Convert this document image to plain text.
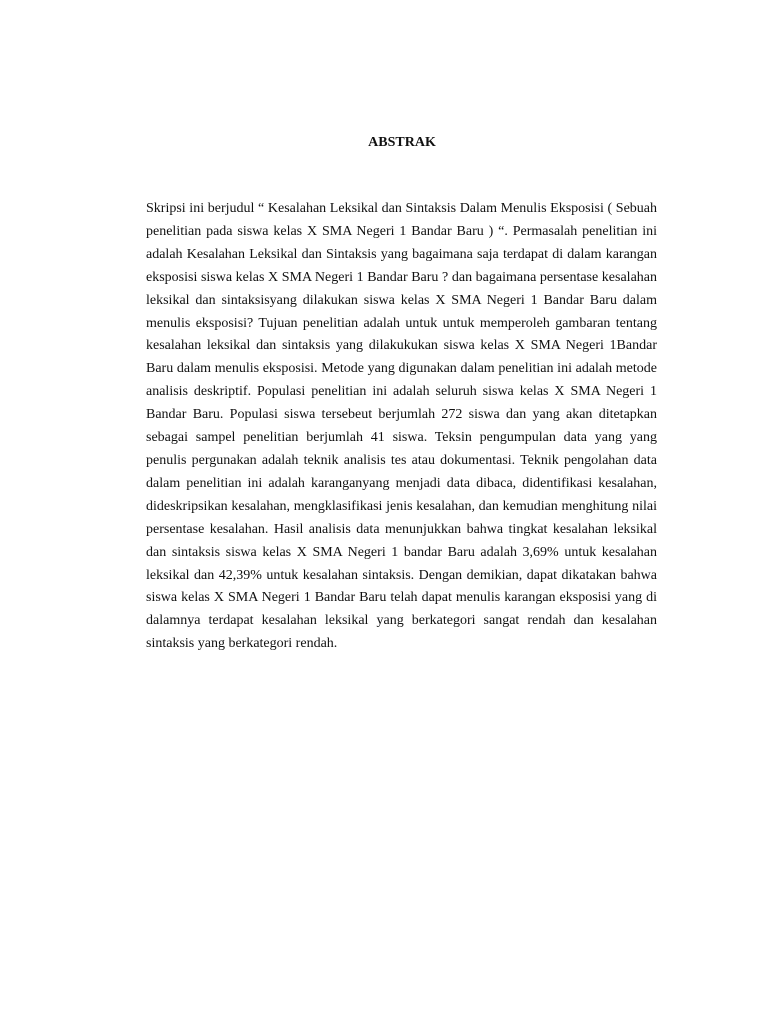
ABSTRAK

Skripsi ini berjudul “ Kesalahan Leksikal dan Sintaksis Dalam Menulis Eksposisi ( Sebuah penelitian pada siswa kelas X SMA Negeri 1 Bandar Baru ) “. Permasalah penelitian ini adalah Kesalahan Leksikal dan Sintaksis yang bagaimana saja terdapat di dalam karangan eksposisi siswa kelas X SMA Negeri 1 Bandar Baru ? dan bagaimana persentase kesalahan leksikal dan sintaksisyang dilakukan siswa kelas X SMA Negeri 1 Bandar Baru dalam menulis eksposisi? Tujuan penelitian adalah untuk untuk memperoleh gambaran tentang kesalahan leksikal dan sintaksis yang dilakukukan siswa kelas X SMA Negeri 1Bandar Baru dalam menulis eksposisi. Metode yang digunakan dalam penelitian ini adalah metode analisis deskriptif. Populasi penelitian ini adalah seluruh siswa kelas X SMA Negeri 1 Bandar Baru. Populasi siswa tersebeut berjumlah 272 siswa dan yang akan ditetapkan sebagai sampel penelitian berjumlah 41 siswa. Teksin pengumpulan data yang yang penulis pergunakan adalah teknik analisis tes atau dokumentasi. Teknik pengolahan data dalam penelitian ini adalah karanganyang menjadi data dibaca, didentifikasi kesalahan, dideskripsikan kesalahan, mengklasifikasi jenis kesalahan, dan kemudian menghitung nilai persentase kesalahan. Hasil analisis data menunjukkan bahwa tingkat kesalahan leksikal dan sintaksis siswa kelas X SMA Negeri 1 bandar Baru adalah 3,69% untuk kesalahan leksikal dan 42,39% untuk kesalahan sintaksis. Dengan demikian, dapat dikatakan bahwa siswa kelas X SMA Negeri 1 Bandar Baru telah dapat menulis karangan eksposisi yang di dalamnya terdapat kesalahan leksikal yang berkategori sangat rendah dan kesalahan sintaksis yang berkategori rendah.
